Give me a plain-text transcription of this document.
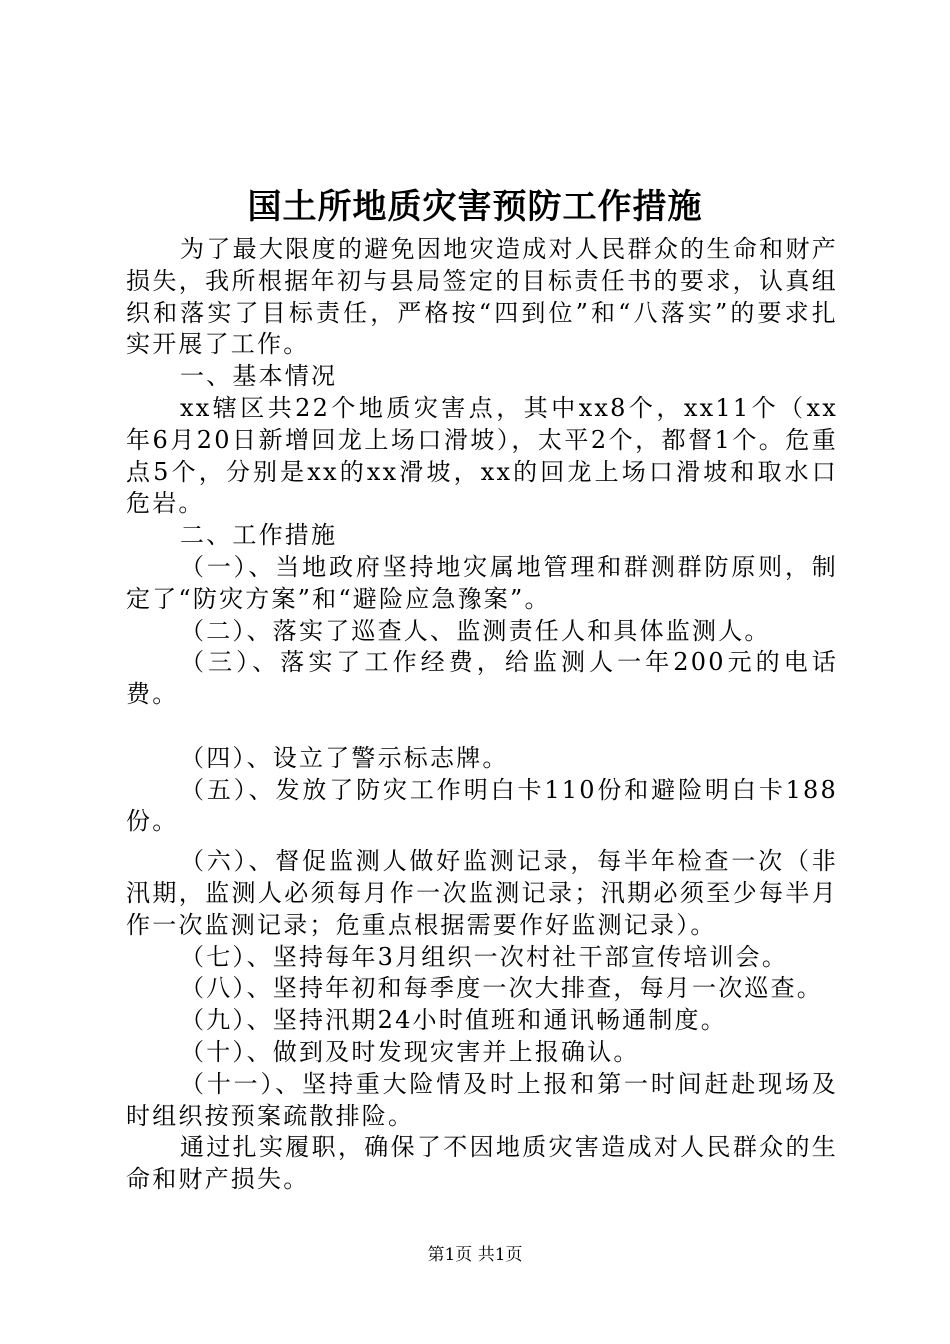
国土所地质灾害预防工作措施

为了最大限度的避免因地灾造成对人民群众的生命和财产损失，我所根据年初与县局签定的目标责任书的要求，认真组织和落实了目标责任，严格按“四到位”和“八落实”的要求扎实开展了工作。

一、基本情况

xx辖区共22个地质灾害点，其中xx8个，xx11个（xx年6月20日新增回龙上场口滑坡），太平2个，都督1个。危重点5个，分别是xx的xx滑坡，xx的回龙上场口滑坡和取水口危岩。

二、工作措施

（一）、当地政府坚持地灾属地管理和群测群防原则，制定了“防灾方案”和“避险应急豫案”。

（二）、落实了巡查人、监测责任人和具体监测人。

（三）、落实了工作经费，给监测人一年200元的电话费。

（四）、设立了警示标志牌。

（五）、发放了防灾工作明白卡110份和避险明白卡188份。

（六）、督促监测人做好监测记录，每半年检查一次（非汛期，监测人必须每月作一次监测记录；汛期必须至少每半月作一次监测记录；危重点根据需要作好监测记录）。

（七）、坚持每年3月组织一次村社干部宣传培训会。

（八）、坚持年初和每季度一次大排查，每月一次巡查。

（九）、坚持汛期24小时值班和通讯畅通制度。

（十）、做到及时发现灾害并上报确认。

（十一）、坚持重大险情及时上报和第一时间赶赴现场及时组织按预案疏散排险。

通过扎实履职，确保了不因地质灾害造成对人民群众的生命和财产损失。

第1页 共1页
